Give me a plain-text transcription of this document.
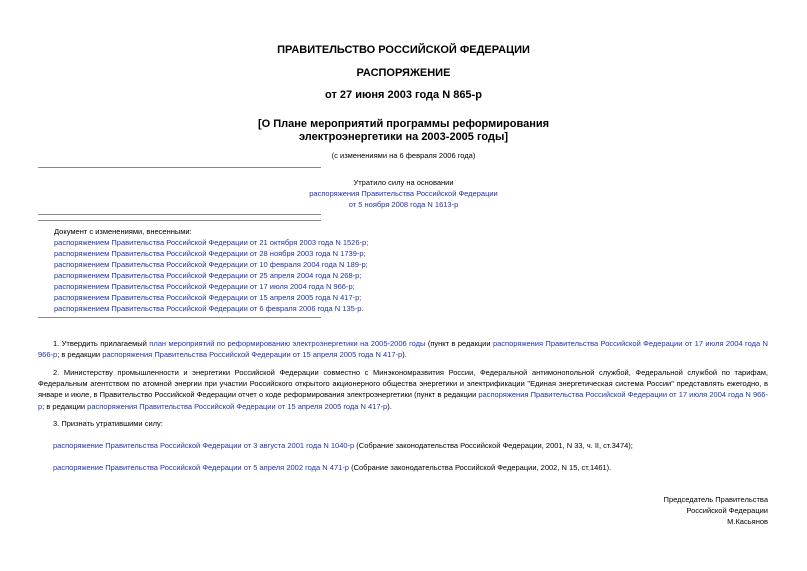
ПРАВИТЕЛЬСТВО РОССИЙСКОЙ ФЕДЕРАЦИИ
РАСПОРЯЖЕНИЕ
от 27 июня 2003 года N 865-р
[О Плане мероприятий программы реформирования
электроэнергетики на 2003-2005 годы]
(с изменениями на 6 февраля 2006 года)
Утратило силу на основании
распоряжения Правительства Российской Федерации
от 5 ноября 2008 года N 1613-р
Документ с изменениями, внесенными:
распоряжением Правительства Российской Федерации от 21 октября 2003 года N 1526-р;
распоряжением Правительства Российской Федерации от 28 ноября 2003 года N 1739-р;
распоряжением Правительства Российской Федерации от 10 февраля 2004 года N 189-р;
распоряжением Правительства Российской Федерации от 25 апреля 2004 года N 268-р;
распоряжением Правительства Российской Федерации от 17 июля 2004 года N 966-р;
распоряжением Правительства Российской Федерации от 15 апреля 2005 года N 417-р;
распоряжением Правительства Российской Федерации от 6 февраля 2006 года N 135-р.

1. Утвердить прилагаемый план мероприятий по реформированию электроэнергетики на 2005-2006 годы (пункт в редакции распоряжения Правительства Российской Федерации от 17 июля 2004 года N 966-р; в редакции распоряжения Правительства Российской Федерации от 15 апреля 2005 года N 417-р).

2. Министерству промышленности и энергетики Российской Федерации совместно с Минэкономразвития России, Федеральной антимонопольной службой, Федеральной службой по тарифам, Федеральным агентством по атомной энергии при участии Российского открытого акционерного общества энергетики и электрификации "Единая энергетическая система России" представлять ежегодно, в январе и июле, в Правительство Российской Федерации отчет о ходе реформирования электроэнергетики (пункт в редакции распоряжения Правительства Российской Федерации от 17 июля 2004 года N 966-р; в редакции распоряжения Правительства Российской Федерации от 15 апреля 2005 года N 417-р).

3. Признать утратившими силу:

распоряжение Правительства Российской Федерации от 3 августа 2001 года N 1040-р (Собрание законодательства Российской Федерации, 2001, N 33, ч. II, ст.3474);

распоряжение Правительства Российской Федерации от 5 апреля 2002 года N 471-р (Собрание законодательства Российской Федерации, 2002, N 15, ст.1461).

Председатель Правительства
Российской Федерации
М.Касьянов
